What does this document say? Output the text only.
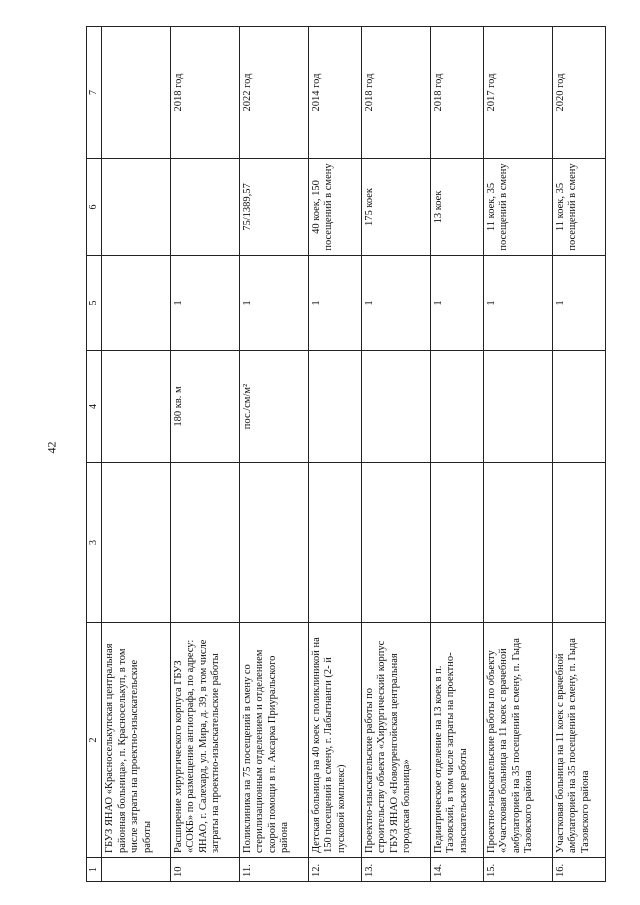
42
1	2	3	4	5	6	7
	ГБУЗ ЯНАО «Красноселькупская центральная районная больница», п. Красноселькуп, в том числе затраты на проектно-изыскательские работы					
10	Расширение хирургического корпуса ГБУЗ «СОКБ» по размещение ангиографа, по адресу: ЯНАО, г. Салехард, ул. Мира, д. 39, в том числе затраты на проектно-изыскательские работы		180 кв. м	1		2018 год
11.	Поликлиника на 75 посещений в смену со стерилизационным отделением и отделением скорой помощи в п. Аксарка Приуральского района		пос./см/м²	1	75/1389,57	2022 год
12.	Детская больница на 40 коек с поликлиникой на 150 посещений в смену, г. Лабытнанги (2- й пусковой комплекс)			1	40 коек, 150 посещений в смену	2014 год
13.	Проектно-изыскательские работы по строительству объекта «Хирургический корпус ГБУЗ ЯНАО «Новоуренгойская центральная городская больница»			1	175 коек	2018 год
14.	Педиатрическое отделение на 13 коек в п. Тазовский, в том числе затраты на проектно-изыскательские работы			1	13 коек	2018 год
15.	Проектно-изыскательские работы по объекту «Участковая больница на 11 коек с врачебной амбулаторией на 35 посещений в смену, п. Гыда Тазовского района			1	11 коек, 35 посещений в смену	2017 год
16.	Участковая больница на 11 коек с врачебной амбулаторией на 35 посещений в смену, п. Гыда Тазовского района			1	11 коек, 35 посещений в смену	2020 год
